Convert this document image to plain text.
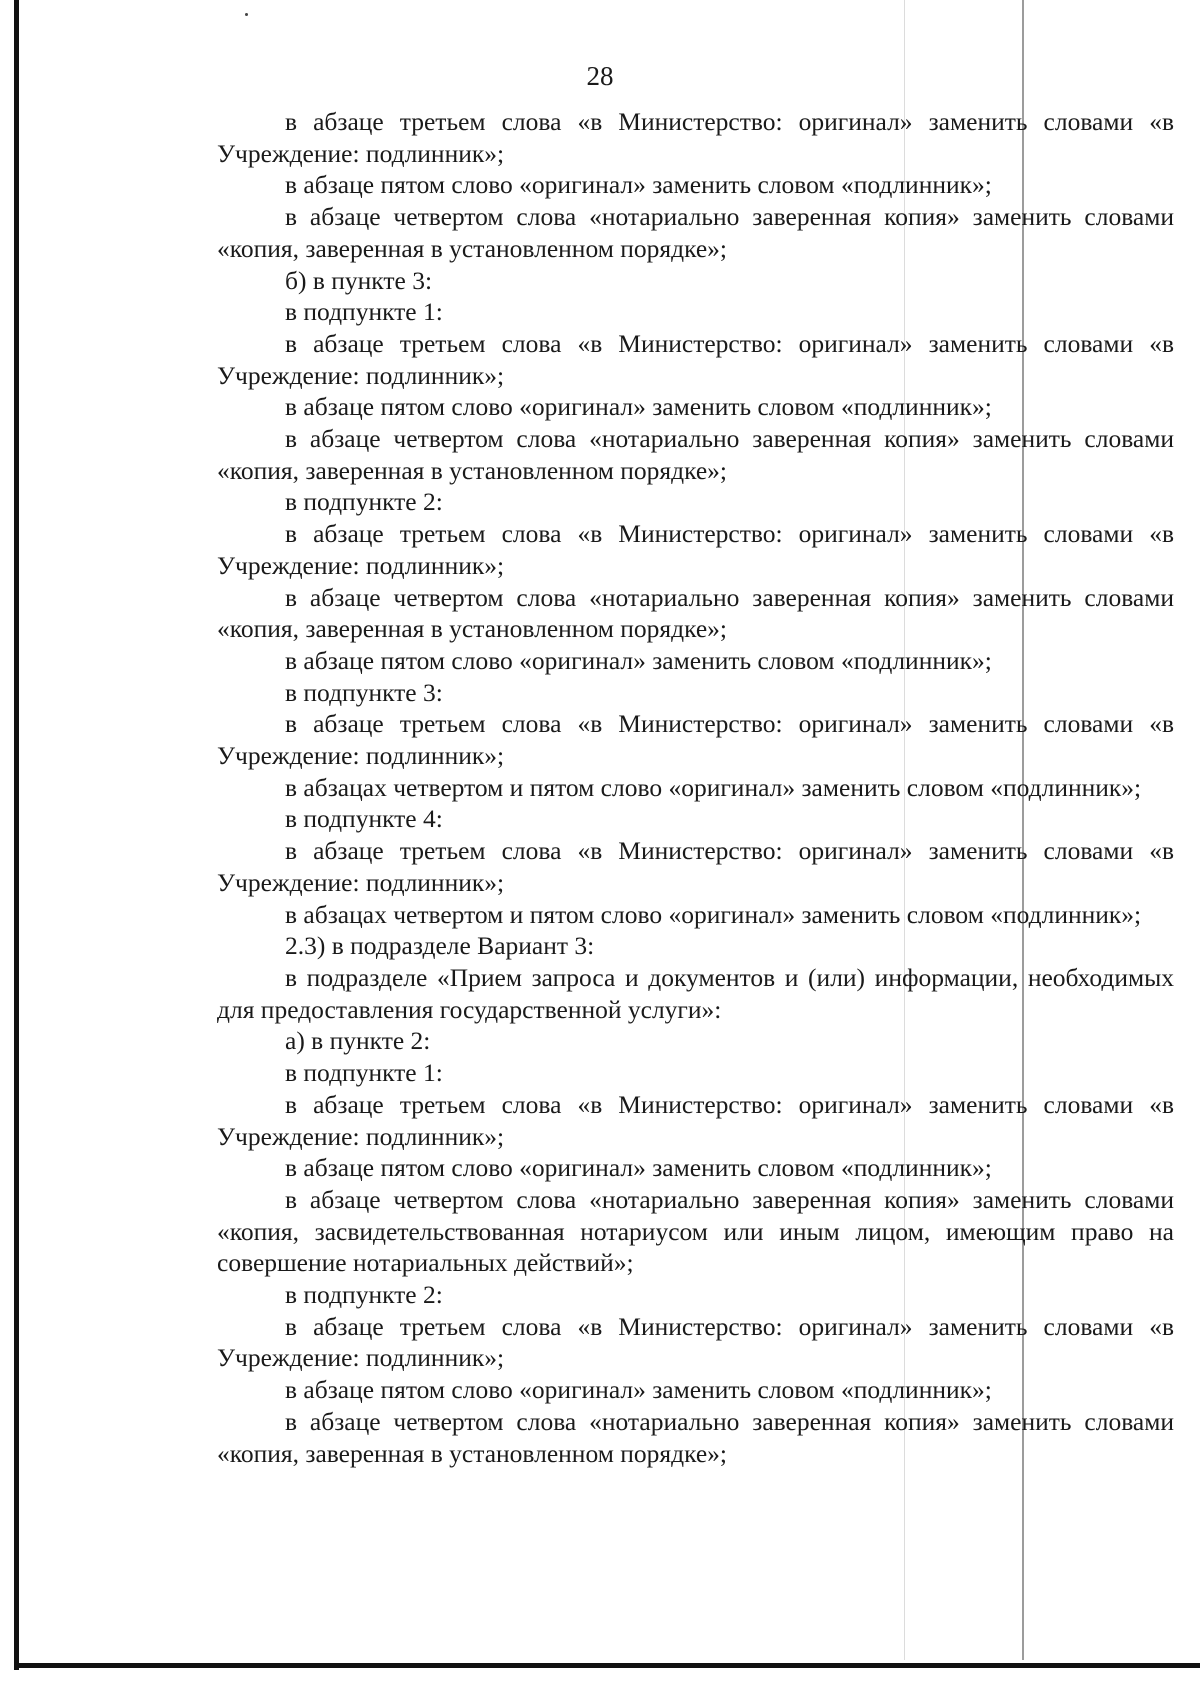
28

в абзаце третьем слова «в Министерство: оригинал» заменить словами «в Учреждение: подлинник»;

в абзаце пятом слово «оригинал» заменить словом «подлинник»;

в абзаце четвертом слова «нотариально заверенная копия» заменить словами «копия, заверенная в установленном порядке»;

б) в пункте 3:

в подпункте 1:

в абзаце третьем слова «в Министерство: оригинал» заменить словами «в Учреждение: подлинник»;

в абзаце пятом слово «оригинал» заменить словом «подлинник»;

в абзаце четвертом слова «нотариально заверенная копия» заменить словами «копия, заверенная в установленном порядке»;

в подпункте 2:

в абзаце третьем слова «в Министерство: оригинал» заменить словами «в Учреждение: подлинник»;

в абзаце четвертом слова «нотариально заверенная копия» заменить словами «копия, заверенная в установленном порядке»;

в абзаце пятом слово «оригинал» заменить словом «подлинник»;

в подпункте 3:

в абзаце третьем слова «в Министерство: оригинал» заменить словами «в Учреждение: подлинник»;

в абзацах четвертом и пятом слово «оригинал» заменить словом «подлинник»;

в подпункте 4:

в абзаце третьем слова «в Министерство: оригинал» заменить словами «в Учреждение: подлинник»;

в абзацах четвертом и пятом слово «оригинал» заменить словом «подлинник»;

2.3) в подразделе Вариант 3:

в подразделе «Прием запроса и документов и (или) информации, необходимых для предоставления государственной услуги»:

а) в пункте 2:

в подпункте 1:

в абзаце третьем слова «в Министерство: оригинал» заменить словами «в Учреждение: подлинник»;

в абзаце пятом слово «оригинал» заменить словом «подлинник»;

в абзаце четвертом слова «нотариально заверенная копия» заменить словами «копия, засвидетельствованная нотариусом или иным лицом, имеющим право на совершение нотариальных действий»;

в подпункте 2:

в абзаце третьем слова «в Министерство: оригинал» заменить словами «в Учреждение: подлинник»;

в абзаце пятом слово «оригинал» заменить словом «подлинник»;

в абзаце четвертом слова «нотариально заверенная копия» заменить словами «копия, заверенная в установленном порядке»;
